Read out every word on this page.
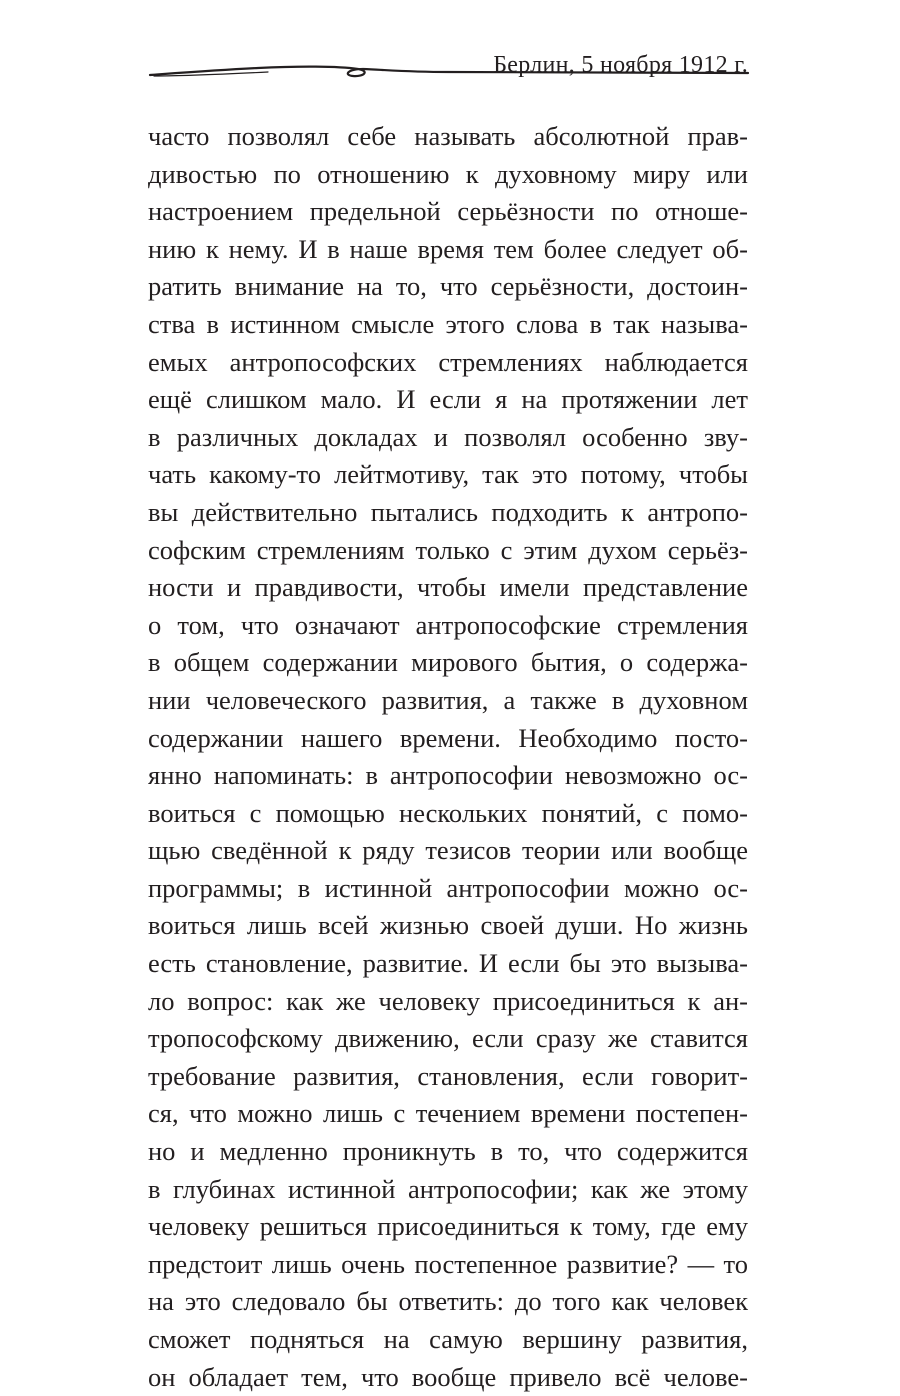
Берлин, 5 ноября 1912 г.
часто позволял себе называть абсолютной прав-
дивостью по отношению к духовному миру или
настроением предельной серьёзности по отноше-
нию к нему. И в наше время тем более следует об-
ратить внимание на то, что серьёзности, достоин-
ства в истинном смысле этого слова в так называ-
емых антропософских стремлениях наблюдается
ещё слишком мало. И если я на протяжении лет
в различных докладах и позволял особенно зву-
чать какому-то лейтмотиву, так это потому, чтобы
вы действительно пытались подходить к антропо-
софским стремлениям только с этим духом серьёз-
ности и правдивости, чтобы имели представление
о том, что означают антропософские стремления
в общем содержании мирового бытия, о содержа-
нии человеческого развития, а также в духовном
содержании нашего времени. Необходимо посто-
янно напоминать: в антропософии невозможно ос-
воиться с помощью нескольких понятий, с помо-
щью сведённой к ряду тезисов теории или вообще
программы; в истинной антропософии можно ос-
воиться лишь всей жизнью своей души. Но жизнь
есть становление, развитие. И если бы это вызыва-
ло вопрос: как же человеку присоединиться к ан-
тропософскому движению, если сразу же ставится
требование развития, становления, если говорит-
ся, что можно лишь с течением времени постепен-
но и медленно проникнуть в то, что содержится
в глубинах истинной антропософии; как же этому
человеку решиться присоединиться к тому, где ему
предстоит лишь очень постепенное развитие? — то
на это следовало бы ответить: до того как человек
сможет подняться на самую вершину развития,
он обладает тем, что вообще привело всё челове-
